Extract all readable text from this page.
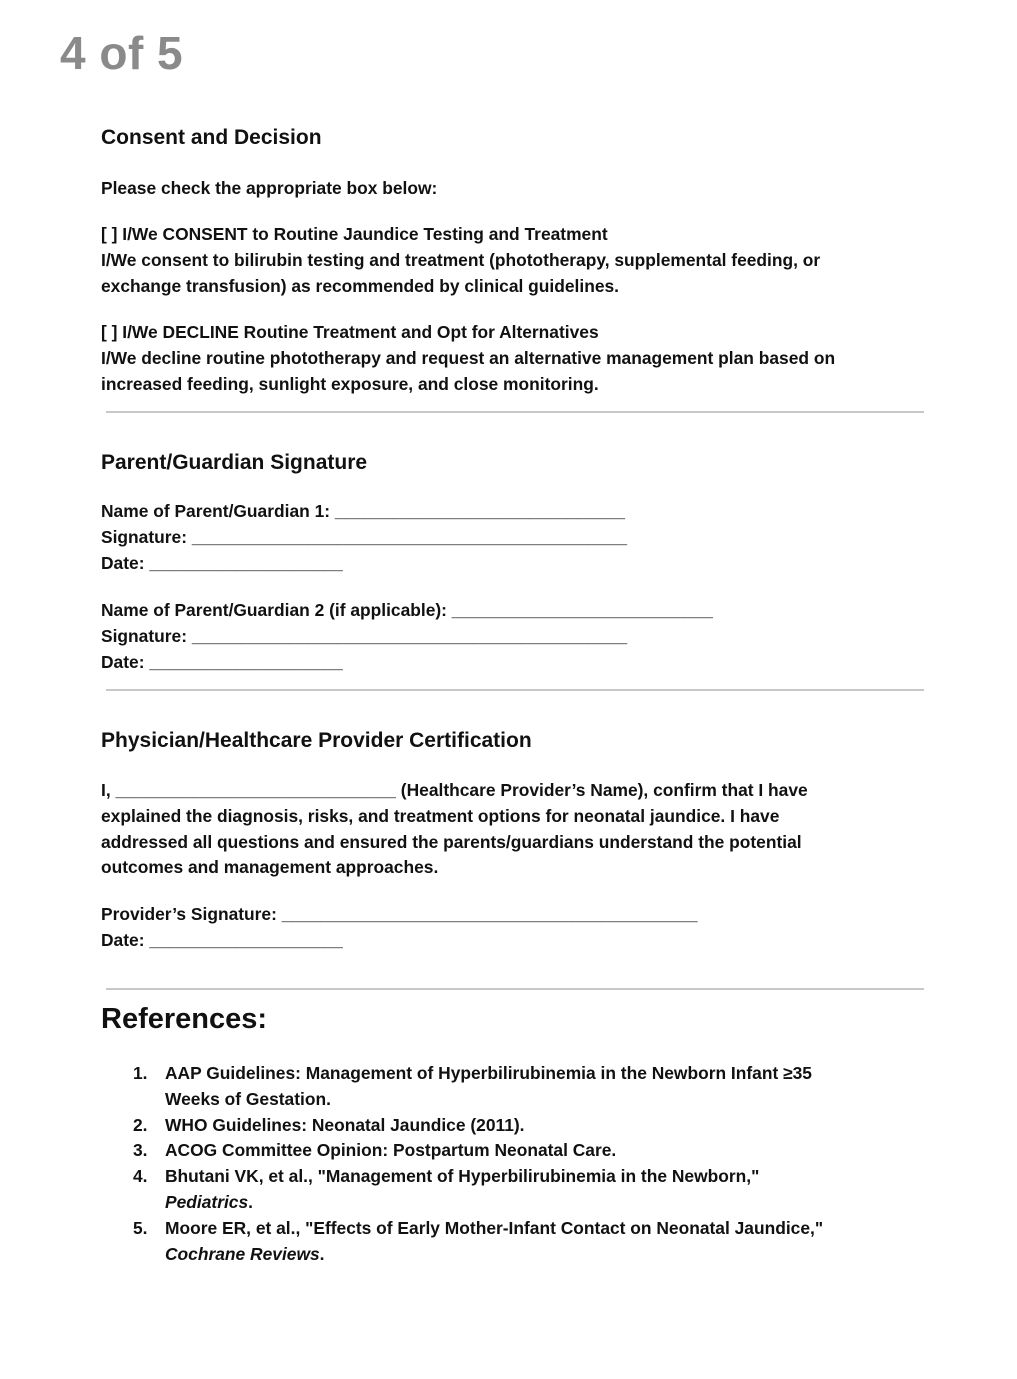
4 of 5
Consent and Decision
Please check the appropriate box below:
[ ] I/We CONSENT to Routine Jaundice Testing and Treatment
I/We consent to bilirubin testing and treatment (phototherapy, supplemental feeding, or
exchange transfusion) as recommended by clinical guidelines.
[ ] I/We DECLINE Routine Treatment and Opt for Alternatives
I/We decline routine phototherapy and request an alternative management plan based on
increased feeding, sunlight exposure, and close monitoring.
Parent/Guardian Signature
Name of Parent/Guardian 1: ______________________________
Signature: _____________________________________________
Date: ____________________
Name of Parent/Guardian 2 (if applicable): ___________________________
Signature: _____________________________________________
Date: ____________________
Physician/Healthcare Provider Certification
I, _____________________________ (Healthcare Provider’s Name), confirm that I have
explained the diagnosis, risks, and treatment options for neonatal jaundice. I have
addressed all questions and ensured the parents/guardians understand the potential
outcomes and management approaches.
Provider’s Signature: ___________________________________________
Date: ____________________
References:
1. AAP Guidelines: Management of Hyperbilirubinemia in the Newborn Infant ≥35
Weeks of Gestation.
2. WHO Guidelines: Neonatal Jaundice (2011).
3. ACOG Committee Opinion: Postpartum Neonatal Care.
4. Bhutani VK, et al., "Management of Hyperbilirubinemia in the Newborn,"
Pediatrics.
5. Moore ER, et al., "Effects of Early Mother-Infant Contact on Neonatal Jaundice,"
Cochrane Reviews.
